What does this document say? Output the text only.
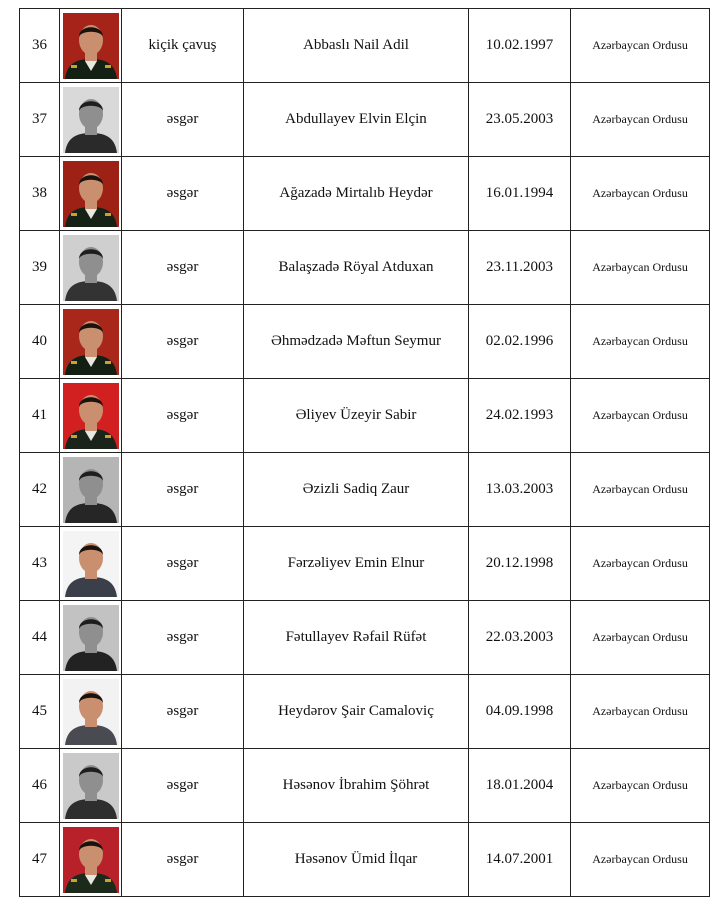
36		kiçik çavuş	Abbaslı Nail Adil	10.02.1997	Azərbaycan Ordusu
37		əsgər	Abdullayev Elvin Elçin	23.05.2003	Azərbaycan Ordusu
38		əsgər	Ağazadə Mirtalıb Heydər	16.01.1994	Azərbaycan Ordusu
39		əsgər	Balaşzadə Röyal Atduxan	23.11.2003	Azərbaycan Ordusu
40		əsgər	Əhmədzadə Məftun Seymur	02.02.1996	Azərbaycan Ordusu
41		əsgər	Əliyev Üzeyir Sabir	24.02.1993	Azərbaycan Ordusu
42		əsgər	Əzizli Sadiq Zaur	13.03.2003	Azərbaycan Ordusu
43		əsgər	Fərzəliyev Emin Elnur	20.12.1998	Azərbaycan Ordusu
44		əsgər	Fətullayev Rəfail Rüfət	22.03.2003	Azərbaycan Ordusu
45		əsgər	Heydərov Şair Camaloviç	04.09.1998	Azərbaycan Ordusu
46		əsgər	Həsənov İbrahim Şöhrət	18.01.2004	Azərbaycan Ordusu
47		əsgər	Həsənov Ümid İlqar	14.07.2001	Azərbaycan Ordusu
